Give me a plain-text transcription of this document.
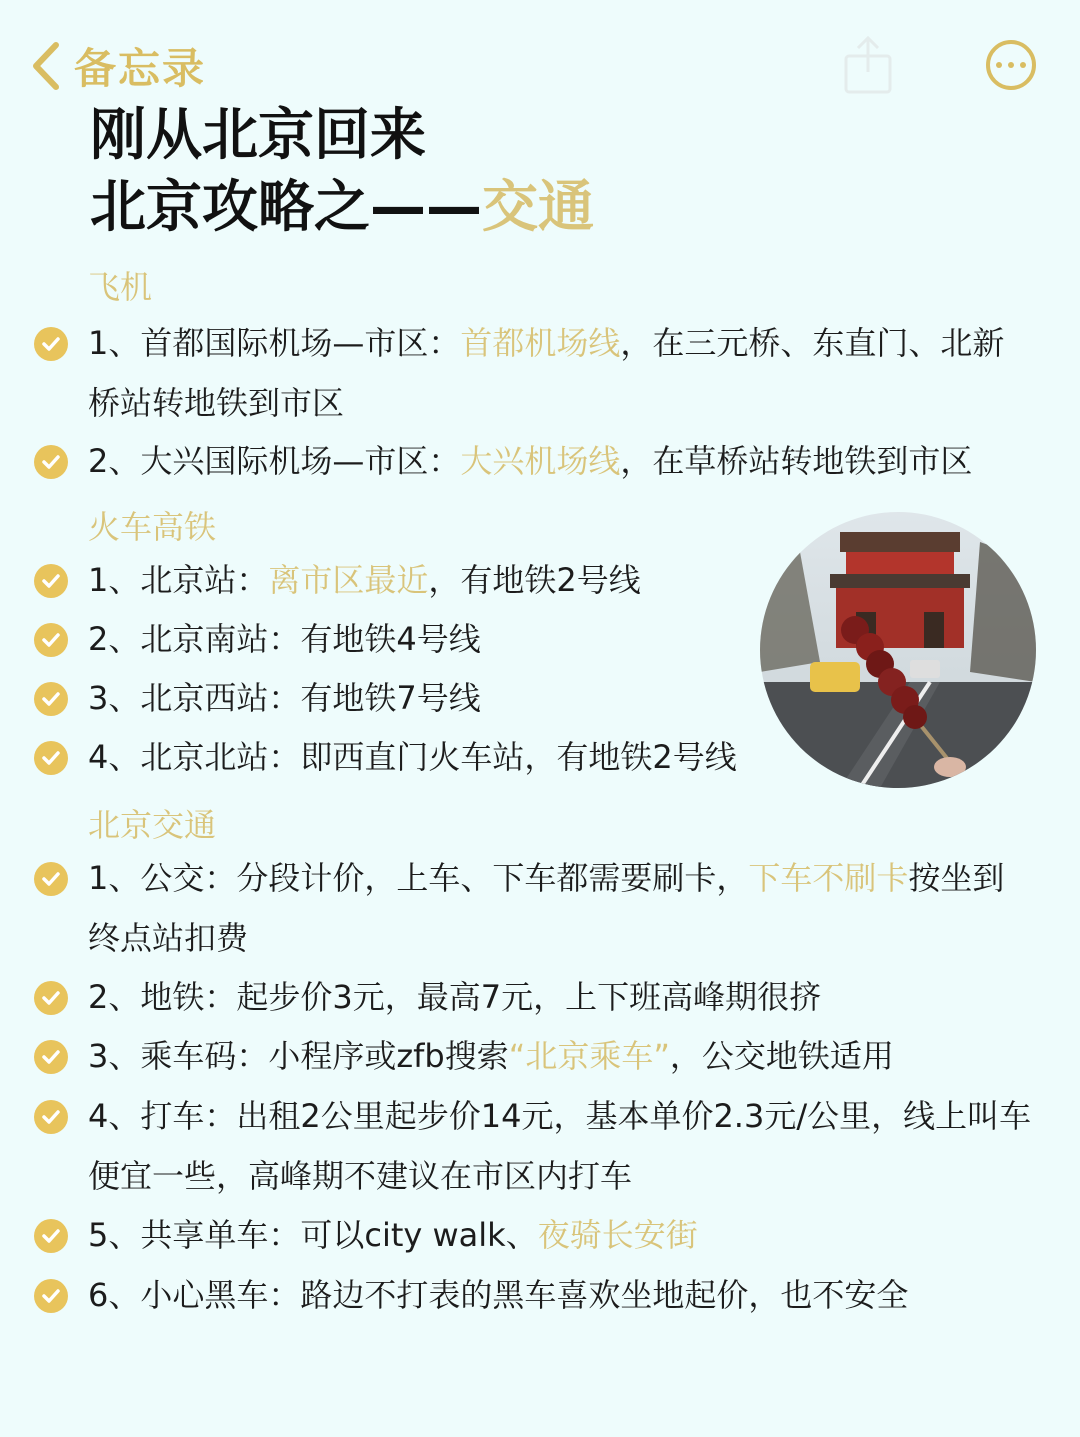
备忘录
刚从北京回来
北京攻略之——交通
飞机
1、首都国际机场—市区：首都机场线，在三元桥、东直门、北新桥站转地铁到市区
2、大兴国际机场—市区：大兴机场线，在草桥站转地铁到市区
火车高铁
1、北京站：离市区最近，有地铁2号线
2、北京南站：有地铁4号线
3、北京西站：有地铁7号线
4、北京北站：即西直门火车站，有地铁2号线
北京交通
1、公交：分段计价，上车、下车都需要刷卡，下车不刷卡按坐到终点站扣费
2、地铁：起步价3元，最高7元，上下班高峰期很挤
3、乘车码：小程序或zfb搜索“北京乘车”，公交地铁适用
4、打车：出租2公里起步价14元，基本单价2.3元/公里，线上叫车便宜一些，高峰期不建议在市区内打车
5、共享单车：可以city walk、夜骑长安街
6、小心黑车：路边不打表的黑车喜欢坐地起价，也不安全
